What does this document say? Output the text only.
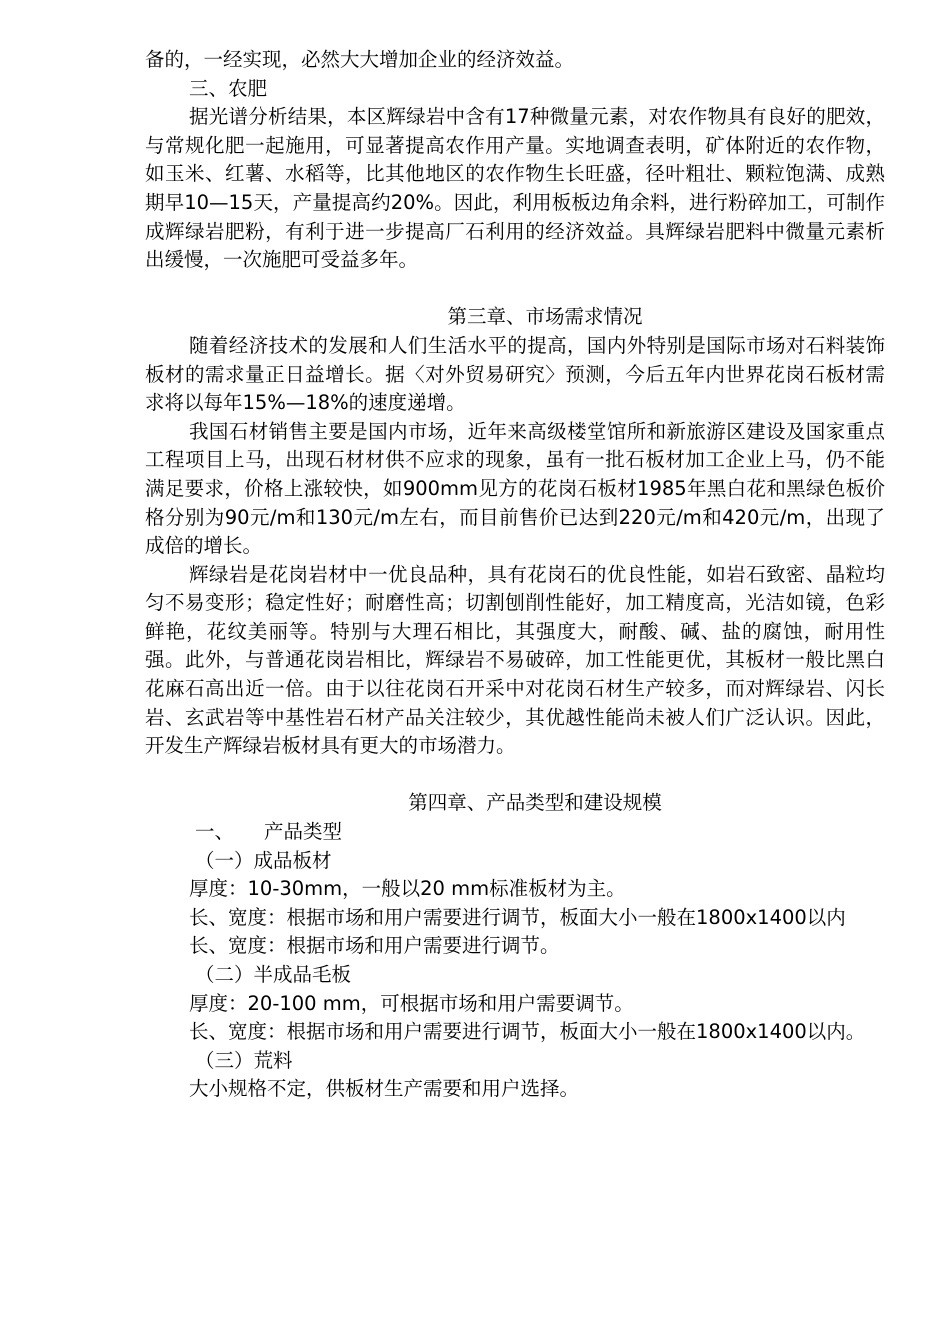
备的，一经实现，必然大大增加企业的经济效益。

三、农肥

据光谱分析结果，本区辉绿岩中含有17种微量元素，对农作物具有良好的肥效，与常规化肥一起施用，可显著提高农作用产量。实地调查表明，矿体附近的农作物，如玉米、红薯、水稻等，比其他地区的农作物生长旺盛，径叶粗壮、颗粒饱满、成熟期早10—15天，产量提高约20%。因此，利用板板边角余料，进行粉碎加工，可制作成辉绿岩肥粉，有利于进一步提高厂石利用的经济效益。具辉绿岩肥料中微量元素析出缓慢，一次施肥可受益多年。

第三章、市场需求情况

随着经济技术的发展和人们生活水平的提高，国内外特别是国际市场对石料装饰板材的需求量正日益增长。据〈对外贸易研究〉预测，今后五年内世界花岗石板材需求将以每年15%—18%的速度递增。

我国石材销售主要是国内市场，近年来高级楼堂馆所和新旅游区建设及国家重点工程项目上马，出现石材材供不应求的现象，虽有一批石板材加工企业上马，仍不能满足要求，价格上涨较快，如900mm见方的花岗石板材1985年黑白花和黑绿色板价格分别为90元/m和130元/m左右，而目前售价已达到220元/m和420元/m，出现了成倍的增长。

辉绿岩是花岗岩材中一优良品种，具有花岗石的优良性能，如岩石致密、晶粒均匀不易变形；稳定性好；耐磨性高；切割刨削性能好，加工精度高，光洁如镜，色彩鲜艳，花纹美丽等。特别与大理石相比，其强度大，耐酸、碱、盐的腐蚀，耐用性强。此外，与普通花岗岩相比，辉绿岩不易破碎，加工性能更优，其板材一般比黑白花麻石高出近一倍。由于以往花岗石开采中对花岗石材生产较多，而对辉绿岩、闪长岩、玄武岩等中基性岩石材产品关注较少，其优越性能尚未被人们广泛认识。因此，开发生产辉绿岩板材具有更大的市场潜力。

第四章、产品类型和建设规模

一、 产品类型

（一）成品板材

厚度：10-30mm，一般以20 mm标准板材为主。

长、宽度：根据市场和用户需要进行调节，板面大小一般在1800x1400以内

长、宽度：根据市场和用户需要进行调节。

（二）半成品毛板

厚度：20-100 mm，可根据市场和用户需要调节。

长、宽度：根据市场和用户需要进行调节，板面大小一般在1800x1400以内。

（三）荒料

大小规格不定，供板材生产需要和用户选择。
